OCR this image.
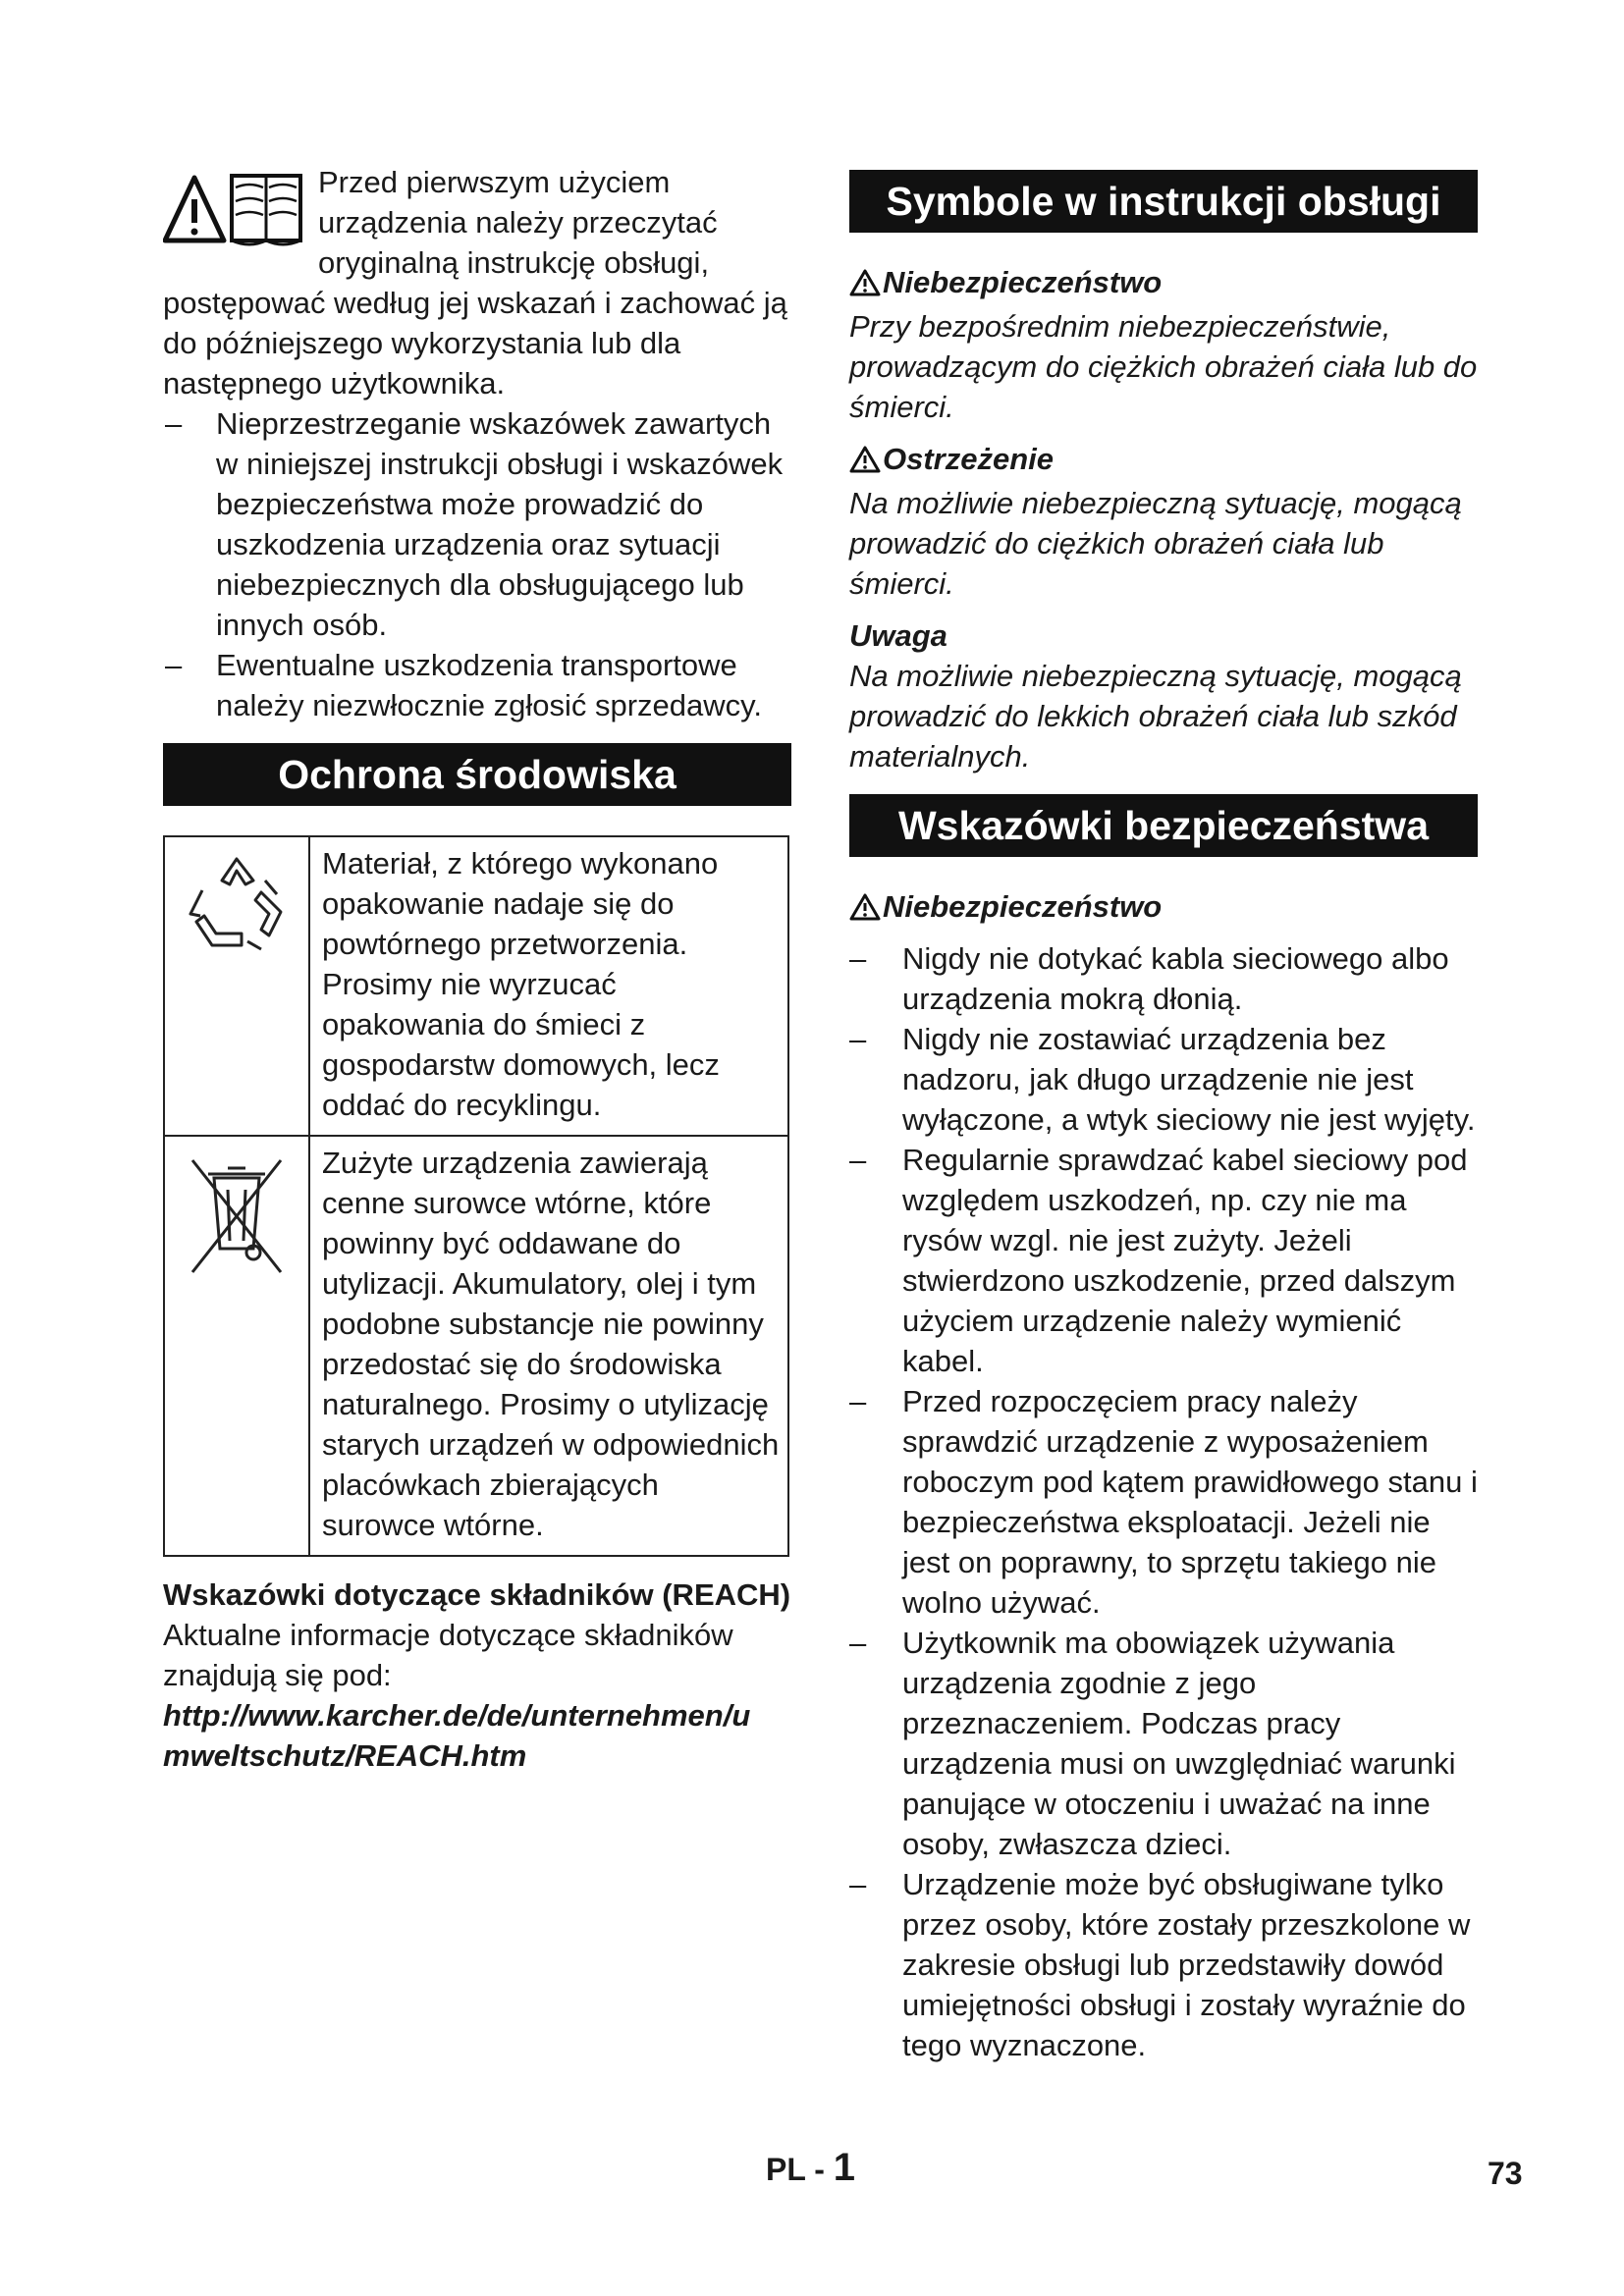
Przed pierwszym użyciem urządzenia należy przeczytać oryginalną instrukcję obsługi, postępować według jej wskazań i zachować ją do późniejszego wykorzystania lub dla następnego użytkownika.

– Nieprzestrzeganie wskazówek zawartych w niniejszej instrukcji obsługi i wskazówek bezpieczeństwa może prowadzić do uszkodzenia urządzenia oraz sytuacji niebezpiecznych dla obsługującego lub innych osób.
– Ewentualne uszkodzenia transportowe należy niezwłocznie zgłosić sprzedawcy.
Ochrona środowiska
	Materiał, z którego wykonano opakowanie nadaje się do powtórnego przetworzenia. Prosimy nie wyrzucać opakowania do śmieci z gospodarstw domowych, lecz oddać do recyklingu.
	Zużyte urządzenia zawierają cenne surowce wtórne, które powinny być oddawane do utylizacji. Akumulatory, olej i tym podobne substancje nie powinny przedostać się do środowiska naturalnego. Prosimy o utylizację starych urządzeń w odpowiednich placówkach zbierających surowce wtórne.

Wskazówki dotyczące składników (REACH)

Aktualne informacje dotyczące składników znajdują się pod:

http://www.karcher.de/de/unternehmen/umweltschutz/REACH.htm

Symbole w instrukcji obsługi

Niebezpieczeństwo

Przy bezpośrednim niebezpieczeństwie, prowadzącym do ciężkich obrażeń ciała lub do śmierci.

Ostrzeżenie

Na możliwie niebezpieczną sytuację, mogącą prowadzić do ciężkich obrażeń ciała lub śmierci.

Uwaga

Na możliwie niebezpieczną sytuację, mogącą prowadzić do lekkich obrażeń ciała lub szkód materialnych.

Wskazówki bezpieczeństwa

Niebezpieczeństwo

– Nigdy nie dotykać kabla sieciowego albo urządzenia mokrą dłonią.
– Nigdy nie zostawiać urządzenia bez nadzoru, jak długo urządzenie nie jest wyłączone, a wtyk sieciowy nie jest wyjęty.
– Regularnie sprawdzać kabel sieciowy pod względem uszkodzeń, np. czy nie ma rysów wzgl. nie jest zużyty. Jeżeli stwierdzono uszkodzenie, przed dalszym użyciem urządzenie należy wymienić kabel.
– Przed rozpoczęciem pracy należy sprawdzić urządzenie z wyposażeniem roboczym pod kątem prawidłowego stanu i bezpieczeństwa eksploatacji. Jeżeli nie jest on poprawny, to sprzętu takiego nie wolno używać.
– Użytkownik ma obowiązek używania urządzenia zgodnie z jego przeznaczeniem. Podczas pracy urządzenia musi on uwzględniać warunki panujące w otoczeniu i uważać na inne osoby, zwłaszcza dzieci.
– Urządzenie może być obsługiwane tylko przez osoby, które zostały przeszkolone w zakresie obsługi lub przedstawiły dowód umiejętności obsługi i zostały wyraźnie do tego wyznaczone.
PL - 1	73
